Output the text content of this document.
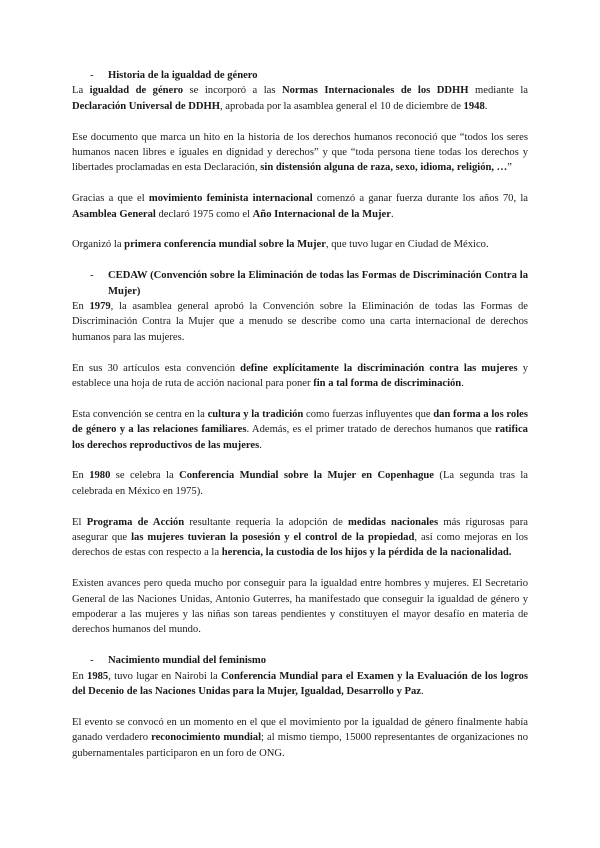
-	Historia de la igualdad de género

La igualdad de género se incorporó a las Normas Internacionales de los DDHH mediante la Declaración Universal de DDHH, aprobada por la asamblea general el 10 de diciembre de 1948.

Ese documento que marca un hito en la historia de los derechos humanos reconoció que “todos los seres humanos nacen libres e iguales en dignidad y derechos” y que “toda persona tiene todas los derechos y libertades proclamadas en esta Declaración, sin distensión alguna de raza, sexo, idioma, religión, …”

Gracias a que el movimiento feminista internacional comenzó a ganar fuerza durante los años 70, la Asamblea General declaró 1975 como el Año Internacional de la Mujer.

Organizó la primera conferencia mundial sobre la Mujer, que tuvo lugar en Ciudad de México.

-	CEDAW (Convención sobre la Eliminación de todas las Formas de Discriminación Contra la Mujer)

En 1979, la asamblea general aprobó la Convención sobre la Eliminación de todas las Formas de Discriminación Contra la Mujer que a menudo se describe como una carta internacional de derechos humanos para las mujeres.

En sus 30 artículos esta convención define explícitamente la discriminación contra las mujeres y establece una hoja de ruta de acción nacional para poner fin a tal forma de discriminación.

Esta convención se centra en la cultura y la tradición como fuerzas influyentes que dan forma a los roles de género y a las relaciones familiares. Además, es el primer tratado de derechos humanos que ratifica los derechos reproductivos de las mujeres.

En 1980 se celebra la Conferencia Mundial sobre la Mujer en Copenhague (La segunda tras la celebrada en México en 1975).

El Programa de Acción resultante requería la adopción de medidas nacionales más rigurosas para asegurar que las mujeres tuvieran la posesión y el control de la propiedad, así como mejoras en los derechos de estas con respecto a la herencia, la custodia de los hijos y la pérdida de la nacionalidad.

Existen avances pero queda mucho por conseguir para la igualdad entre hombres y mujeres. El Secretario General de las Naciones Unidas, Antonio Guterres, ha manifestado que conseguir la igualdad de género y empoderar a las mujeres y las niñas son tareas pendientes y constituyen el mayor desafío en materia de derechos humanos del mundo.

-	Nacimiento mundial del feminismo

En 1985, tuvo lugar en Nairobi la Conferencia Mundial para el Examen y la Evaluación de los logros del Decenio de las Naciones Unidas para la Mujer, Igualdad, Desarrollo y Paz.

El evento se convocó en un momento en el que el movimiento por la igualdad de género finalmente había ganado verdadero reconocimiento mundial; al mismo tiempo, 15000 representantes de organizaciones no gubernamentales participaron en un foro de ONG.
